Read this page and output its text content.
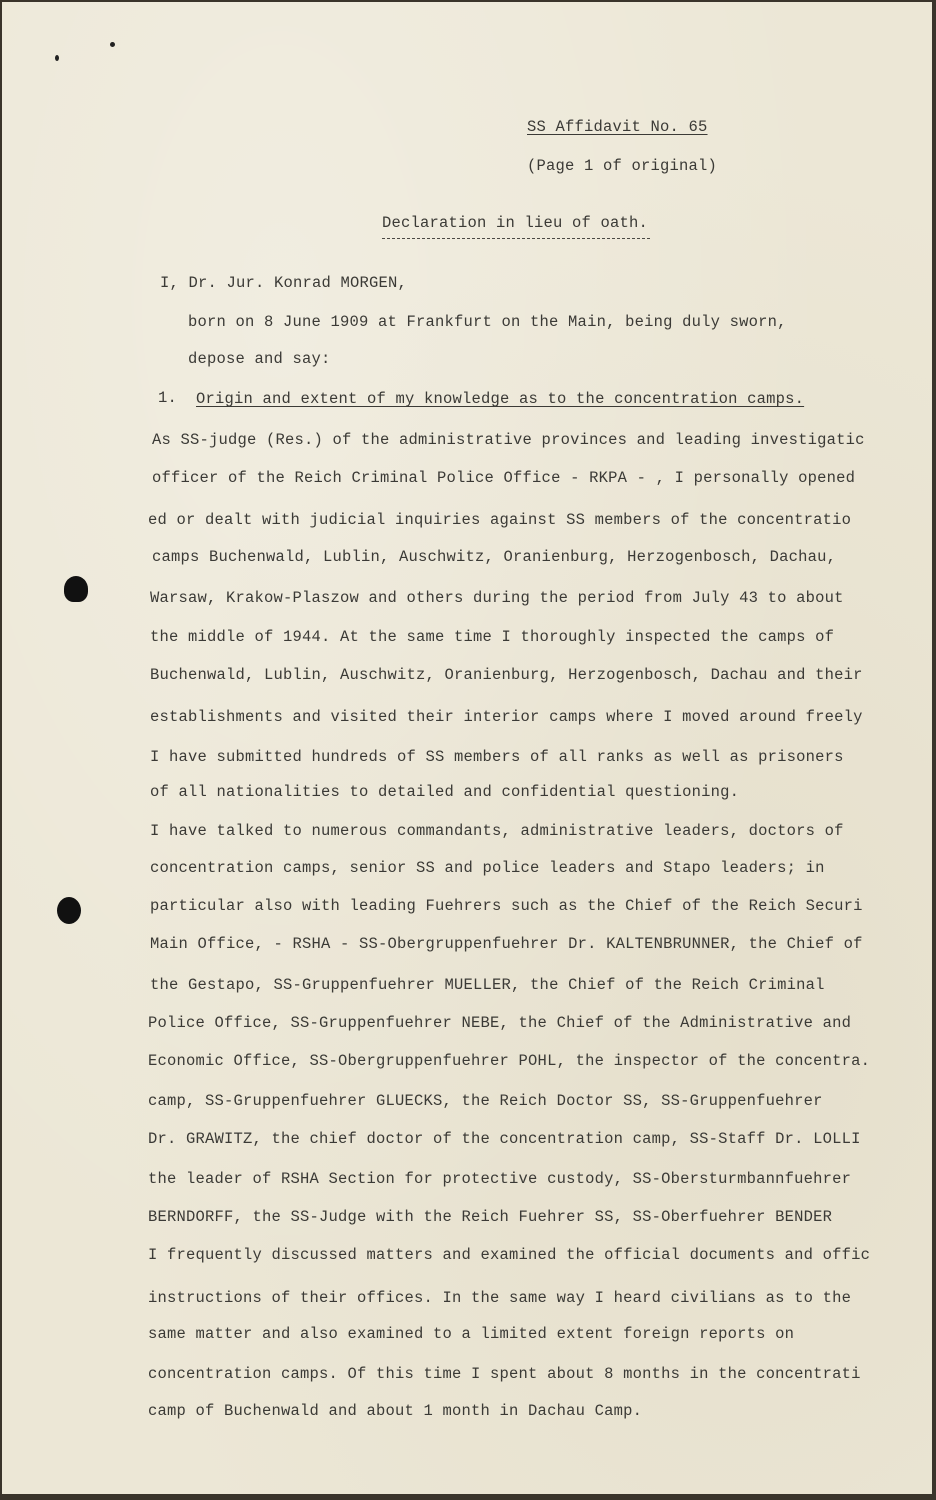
SS Affidavit No. 65
(Page 1 of original)
Declaration in lieu of oath.
I, Dr. Jur. Konrad MORGEN,
born on 8 June 1909 at Frankfurt on the Main, being duly sworn,
depose and say:
1. Origin and extent of my knowledge as to the concentration camps.
As SS-judge (Res.) of the administrative provinces and leading investigatic
officer of the Reich Criminal Police Office - RKPA - , I personally opened
ed or dealt with judicial inquiries against SS members of the concentratio
camps Buchenwald, Lublin, Auschwitz, Oranienburg, Herzogenbosch, Dachau,
Warsaw, Krakow-Plaszow and others during the period from July 43 to about
the middle of 1944. At the same time I thoroughly inspected the camps of
Buchenwald, Lublin, Auschwitz, Oranienburg, Herzogenbosch, Dachau and their
establishments and visited their interior camps where I moved around freely
I have submitted hundreds of SS members of all ranks as well as prisoners
of all nationalities to detailed and confidential questioning.
I have talked to numerous commandants, administrative leaders, doctors of
concentration camps, senior SS and police leaders and Stapo leaders; in
particular also with leading Fuehrers such as the Chief of the Reich Securi
Main Office, - RSHA - SS-Obergruppenfuehrer Dr. KALTENBRUNNER, the Chief of
the Gestapo, SS-Gruppenfuehrer MUELLER, the Chief of the Reich Criminal
Police Office, SS-Gruppenfuehrer NEBE, the Chief of the Administrative and
Economic Office, SS-Obergruppenfuehrer POHL, the inspector of the concentra.
camp, SS-Gruppenfuehrer GLUECKS, the Reich Doctor SS, SS-Gruppenfuehrer
Dr. GRAWITZ, the chief doctor of the concentration camp, SS-Staff Dr. LOLLI
the leader of RSHA Section for protective custody, SS-Obersturmbannfuehrer
BERNDORFF, the SS-Judge with the Reich Fuehrer SS, SS-Oberfuehrer BENDER
I frequently discussed matters and examined the official documents and offic
instructions of their offices. In the same way I heard civilians as to the
same matter and also examined to a limited extent foreign reports on
concentration camps. Of this time I spent about 8 months in the concentrati
camp of Buchenwald and about 1 month in Dachau Camp.
